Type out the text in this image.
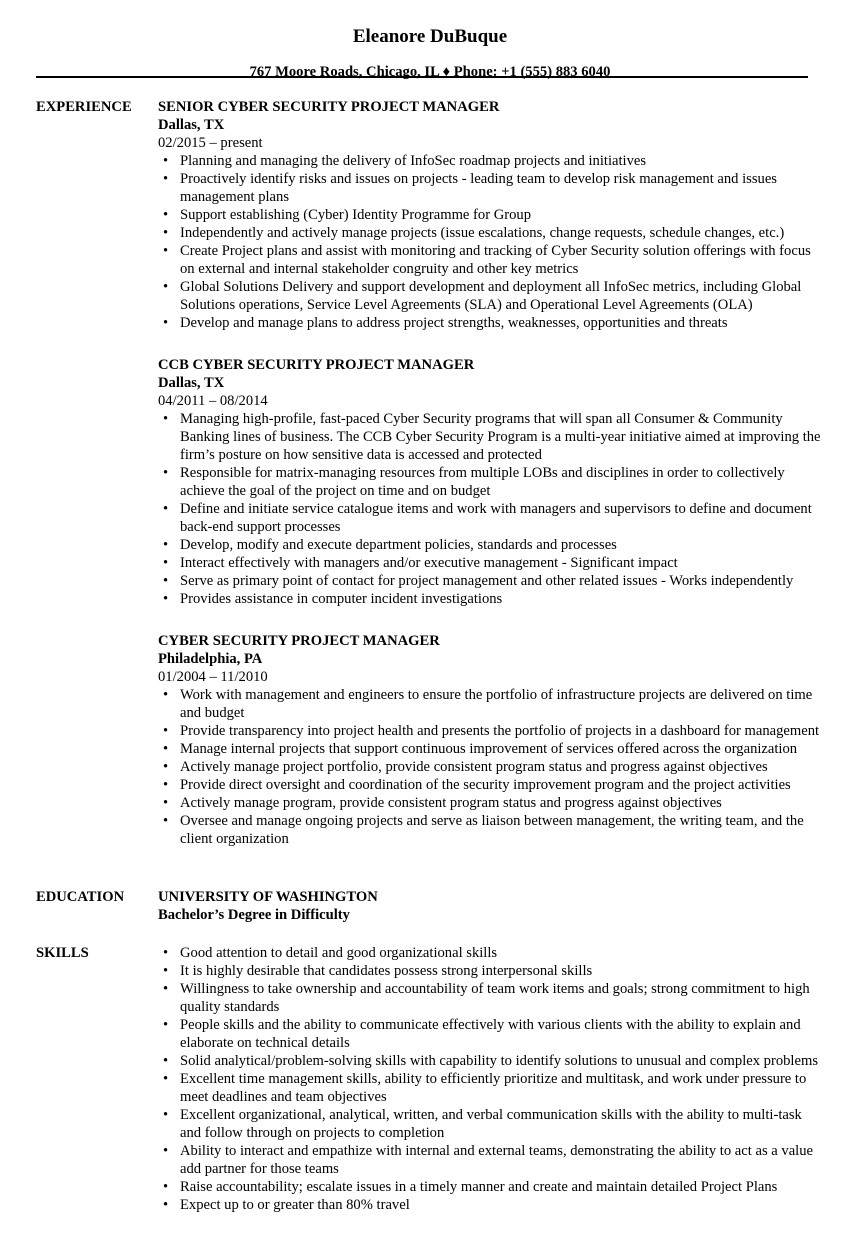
Eleanore DuBuque
767 Moore Roads, Chicago, IL ♦ Phone: +1 (555) 883 6040
EXPERIENCE	SENIOR CYBER SECURITY PROJECT MANAGER
Dallas, TX
02/2015 – present
• Planning and managing the delivery of InfoSec roadmap projects and initiatives
• Proactively identify risks and issues on projects - leading team to develop risk management and issues management plans
• Support establishing (Cyber) Identity Programme for Group
• Independently and actively manage projects (issue escalations, change requests, schedule changes, etc.)
• Create Project plans and assist with monitoring and tracking of Cyber Security solution offerings with focus on external and internal stakeholder congruity and other key metrics
• Global Solutions Delivery and support development and deployment all InfoSec metrics, including Global Solutions operations, Service Level Agreements (SLA) and Operational Level Agreements (OLA)
• Develop and manage plans to address project strengths, weaknesses, opportunities and threats
CCB CYBER SECURITY PROJECT MANAGER
Dallas, TX
04/2011 – 08/2014
• Managing high-profile, fast-paced Cyber Security programs that will span all Consumer & Community Banking lines of business. The CCB Cyber Security Program is a multi-year initiative aimed at improving the firm’s posture on how sensitive data is accessed and protected
• Responsible for matrix-managing resources from multiple LOBs and disciplines in order to collectively achieve the goal of the project on time and on budget
• Define and initiate service catalogue items and work with managers and supervisors to define and document back-end support processes
• Develop, modify and execute department policies, standards and processes
• Interact effectively with managers and/or executive management - Significant impact
• Serve as primary point of contact for project management and other related issues - Works independently
• Provides assistance in computer incident investigations
CYBER SECURITY PROJECT MANAGER
Philadelphia, PA
01/2004 – 11/2010
• Work with management and engineers to ensure the portfolio of infrastructure projects are delivered on time and budget
• Provide transparency into project health and presents the portfolio of projects in a dashboard for management
• Manage internal projects that support continuous improvement of services offered across the organization
• Actively manage project portfolio, provide consistent program status and progress against objectives
• Provide direct oversight and coordination of the security improvement program and the project activities
• Actively manage program, provide consistent program status and progress against objectives
• Oversee and manage ongoing projects and serve as liaison between management, the writing team, and the client organization
EDUCATION	UNIVERSITY OF WASHINGTON
Bachelor’s Degree in Difficulty
SKILLS	• Good attention to detail and good organizational skills
• It is highly desirable that candidates possess strong interpersonal skills
• Willingness to take ownership and accountability of team work items and goals; strong commitment to high quality standards
• People skills and the ability to communicate effectively with various clients with the ability to explain and elaborate on technical details
• Solid analytical/problem-solving skills with capability to identify solutions to unusual and complex problems
• Excellent time management skills, ability to efficiently prioritize and multitask, and work under pressure to meet deadlines and team objectives
• Excellent organizational, analytical, written, and verbal communication skills with the ability to multi-task and follow through on projects to completion
• Ability to interact and empathize with internal and external teams, demonstrating the ability to act as a value add partner for those teams
• Raise accountability; escalate issues in a timely manner and create and maintain detailed Project Plans
• Expect up to or greater than 80% travel
